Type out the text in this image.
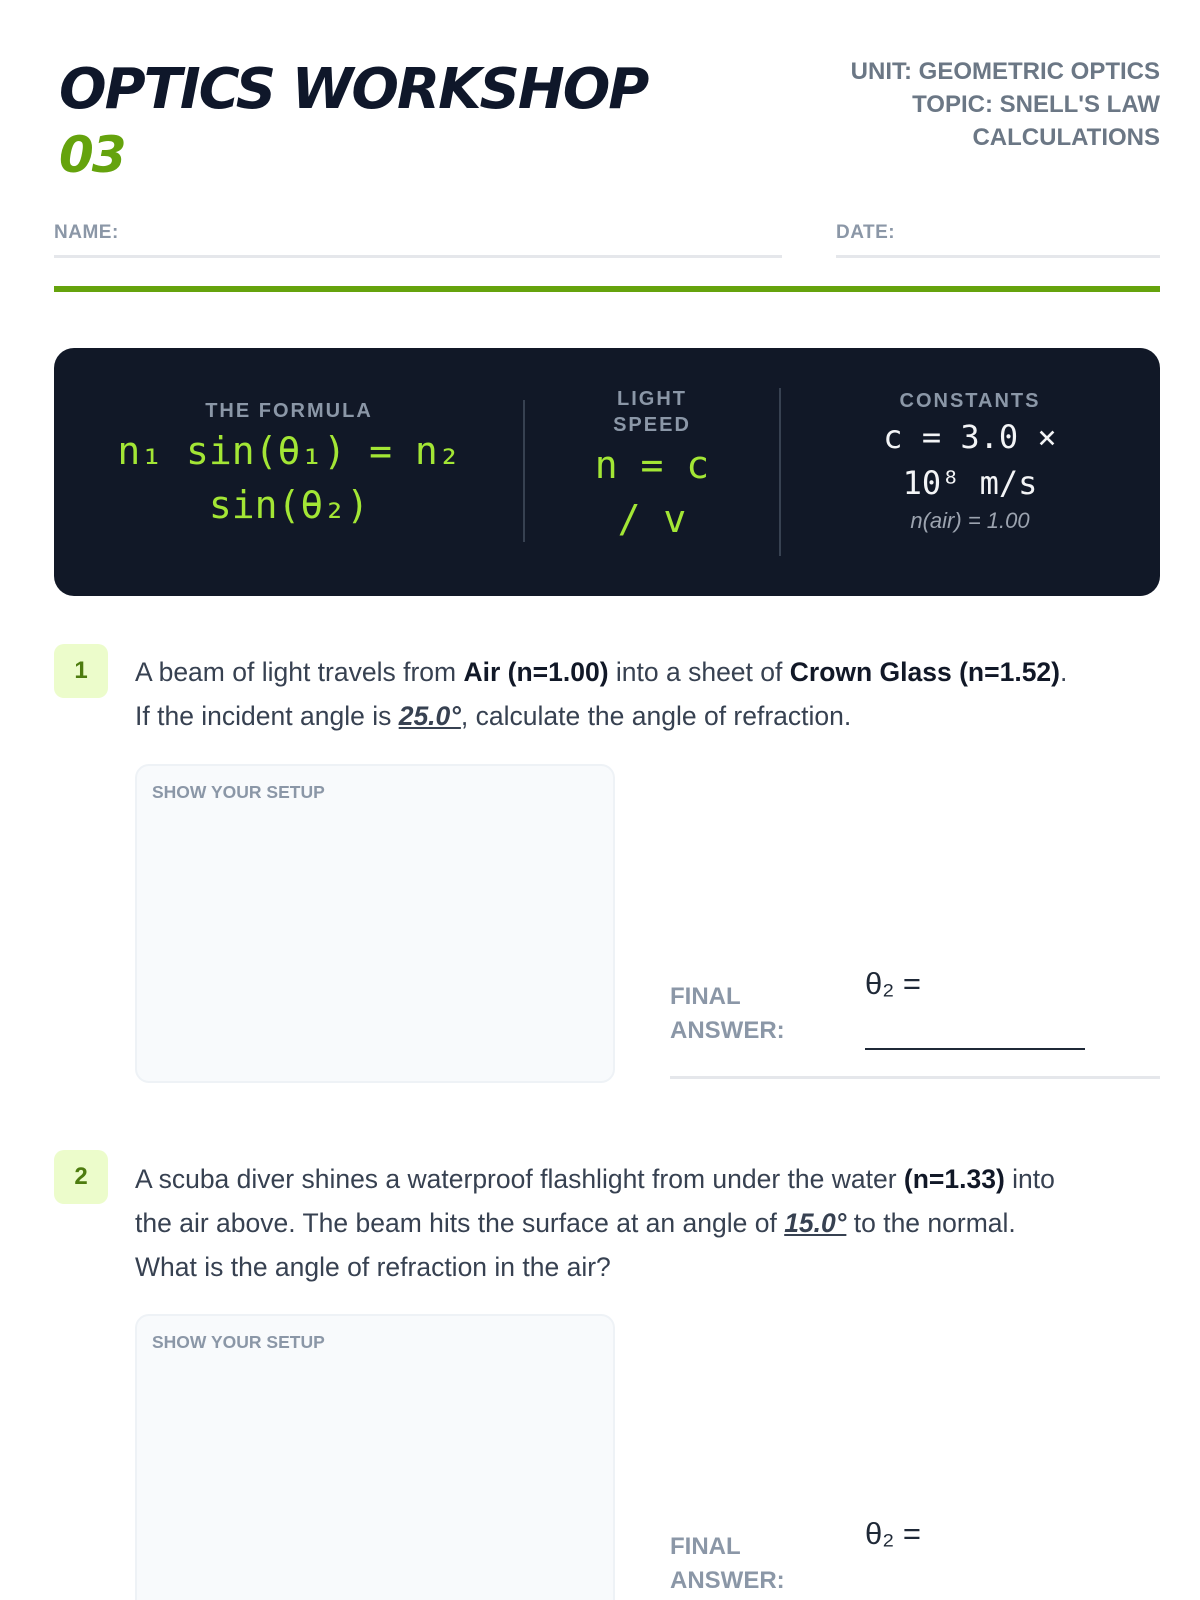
OPTICS WORKSHOP
03
UNIT: GEOMETRIC OPTICS
TOPIC: SNELL'S LAW
CALCULATIONS
NAME:	DATE:
THE FORMULA
n₁ sin(θ₁) = n₂
sin(θ₂)
LIGHT
SPEED
n = c
/ v
CONSTANTS
c = 3.0 ×
10⁸ m/s
n(air) = 1.00
1	A beam of light travels from Air (n=1.00) into a sheet of Crown Glass (n=1.52).
If the incident angle is 25.0°, calculate the angle of refraction.
SHOW YOUR SETUP
FINAL
ANSWER:
θ₂ =
2	A scuba diver shines a waterproof flashlight from under the water (n=1.33) into
the air above. The beam hits the surface at an angle of 15.0° to the normal.
What is the angle of refraction in the air?
SHOW YOUR SETUP
FINAL
ANSWER:
θ₂ =
